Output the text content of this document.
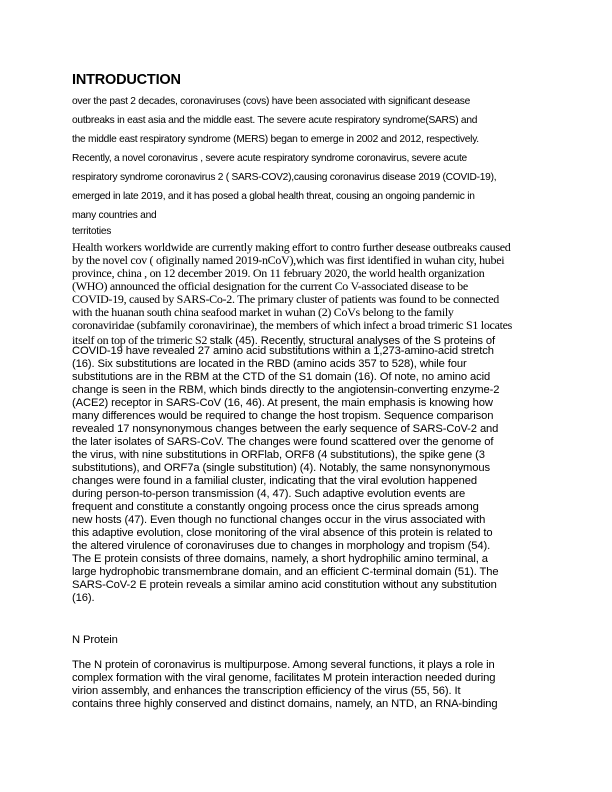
INTRODUCTION
over the past 2 decades, coronaviruses (covs) have been associated with significant desease
outbreaks in east asia and the middle east. The severe acute respiratory syndrome(SARS) and
the middle east respiratory syndrome (MERS) began to emerge in 2002 and 2012, respectively.
Recently, a novel coronavirus , severe acute respiratory syndrome coronavirus, severe acute
respiratory syndrome coronavirus 2 ( SARS-COV2),causing coronavirus disease 2019 (COVID-19),
emerged in late 2019, and it has posed a global health threat, cousing an ongoing pandemic in
many countries and
territoties
Health workers worldwide are currently making effort to contro further desease outbreaks caused
by the novel cov ( ofiginally named 2019-nCoV),which was first identified in wuhan city, hubei
province, china , on 12 december 2019. On 11 february 2020, the world health organization
(WHO) announced the official designation for the current Co V-associated disease to be
COVID-19, caused by SARS-Co-2. The primary cluster of patients was found to be connected
with the huanan south china seafood market in wuhan (2) CoVs belong to the family
coronaviridae (subfamily coronavirinae), the members of which infect a broad trimeric S1 locates
itself on top of the trimeric S2 stalk (45). Recently, structural analyses of the S proteins of
COVID-19 have revealed 27 amino acid substitutions within a 1,273-amino-acid stretch
(16). Six substitutions are located in the RBD (amino acids 357 to 528), while four
substitutions are in the RBM at the CTD of the S1 domain (16). Of note, no amino acid
change is seen in the RBM, which binds directly to the angiotensin-converting enzyme-2
(ACE2) receptor in SARS-CoV (16, 46). At present, the main emphasis is knowing how
many differences would be required to change the host tropism. Sequence comparison
revealed 17 nonsynonymous changes between the early sequence of SARS-CoV-2 and
the later isolates of SARS-CoV. The changes were found scattered over the genome of
the virus, with nine substitutions in ORFlab, ORF8 (4 substitutions), the spike gene (3
substitutions), and ORF7a (single substitution) (4). Notably, the same nonsynonymous
changes were found in a familial cluster, indicating that the viral evolution happened
during person-to-person transmission (4, 47). Such adaptive evolution events are
frequent and constitute a constantly ongoing process once the cirus spreads among
new hosts (47). Even though no functional changes occur in the virus associated with
this adaptive evolution, close monitoring of the viral absence of this protein is related to
the altered virulence of coronaviruses due to changes in morphology and tropism (54).
The E protein consists of three domains, namely, a short hydrophilic amino terminal, a
large hydrophobic transmembrane domain, and an efficient C-terminal domain (51). The
SARS-CoV-2 E protein reveals a similar amino acid constitution without any substitution
(16).
N Protein
The N protein of coronavirus is multipurpose. Among several functions, it plays a role in
complex formation with the viral genome, facilitates M protein interaction needed during
virion assembly, and enhances the transcription efficiency of the virus (55, 56). It
contains three highly conserved and distinct domains, namely, an NTD, an RNA-binding
